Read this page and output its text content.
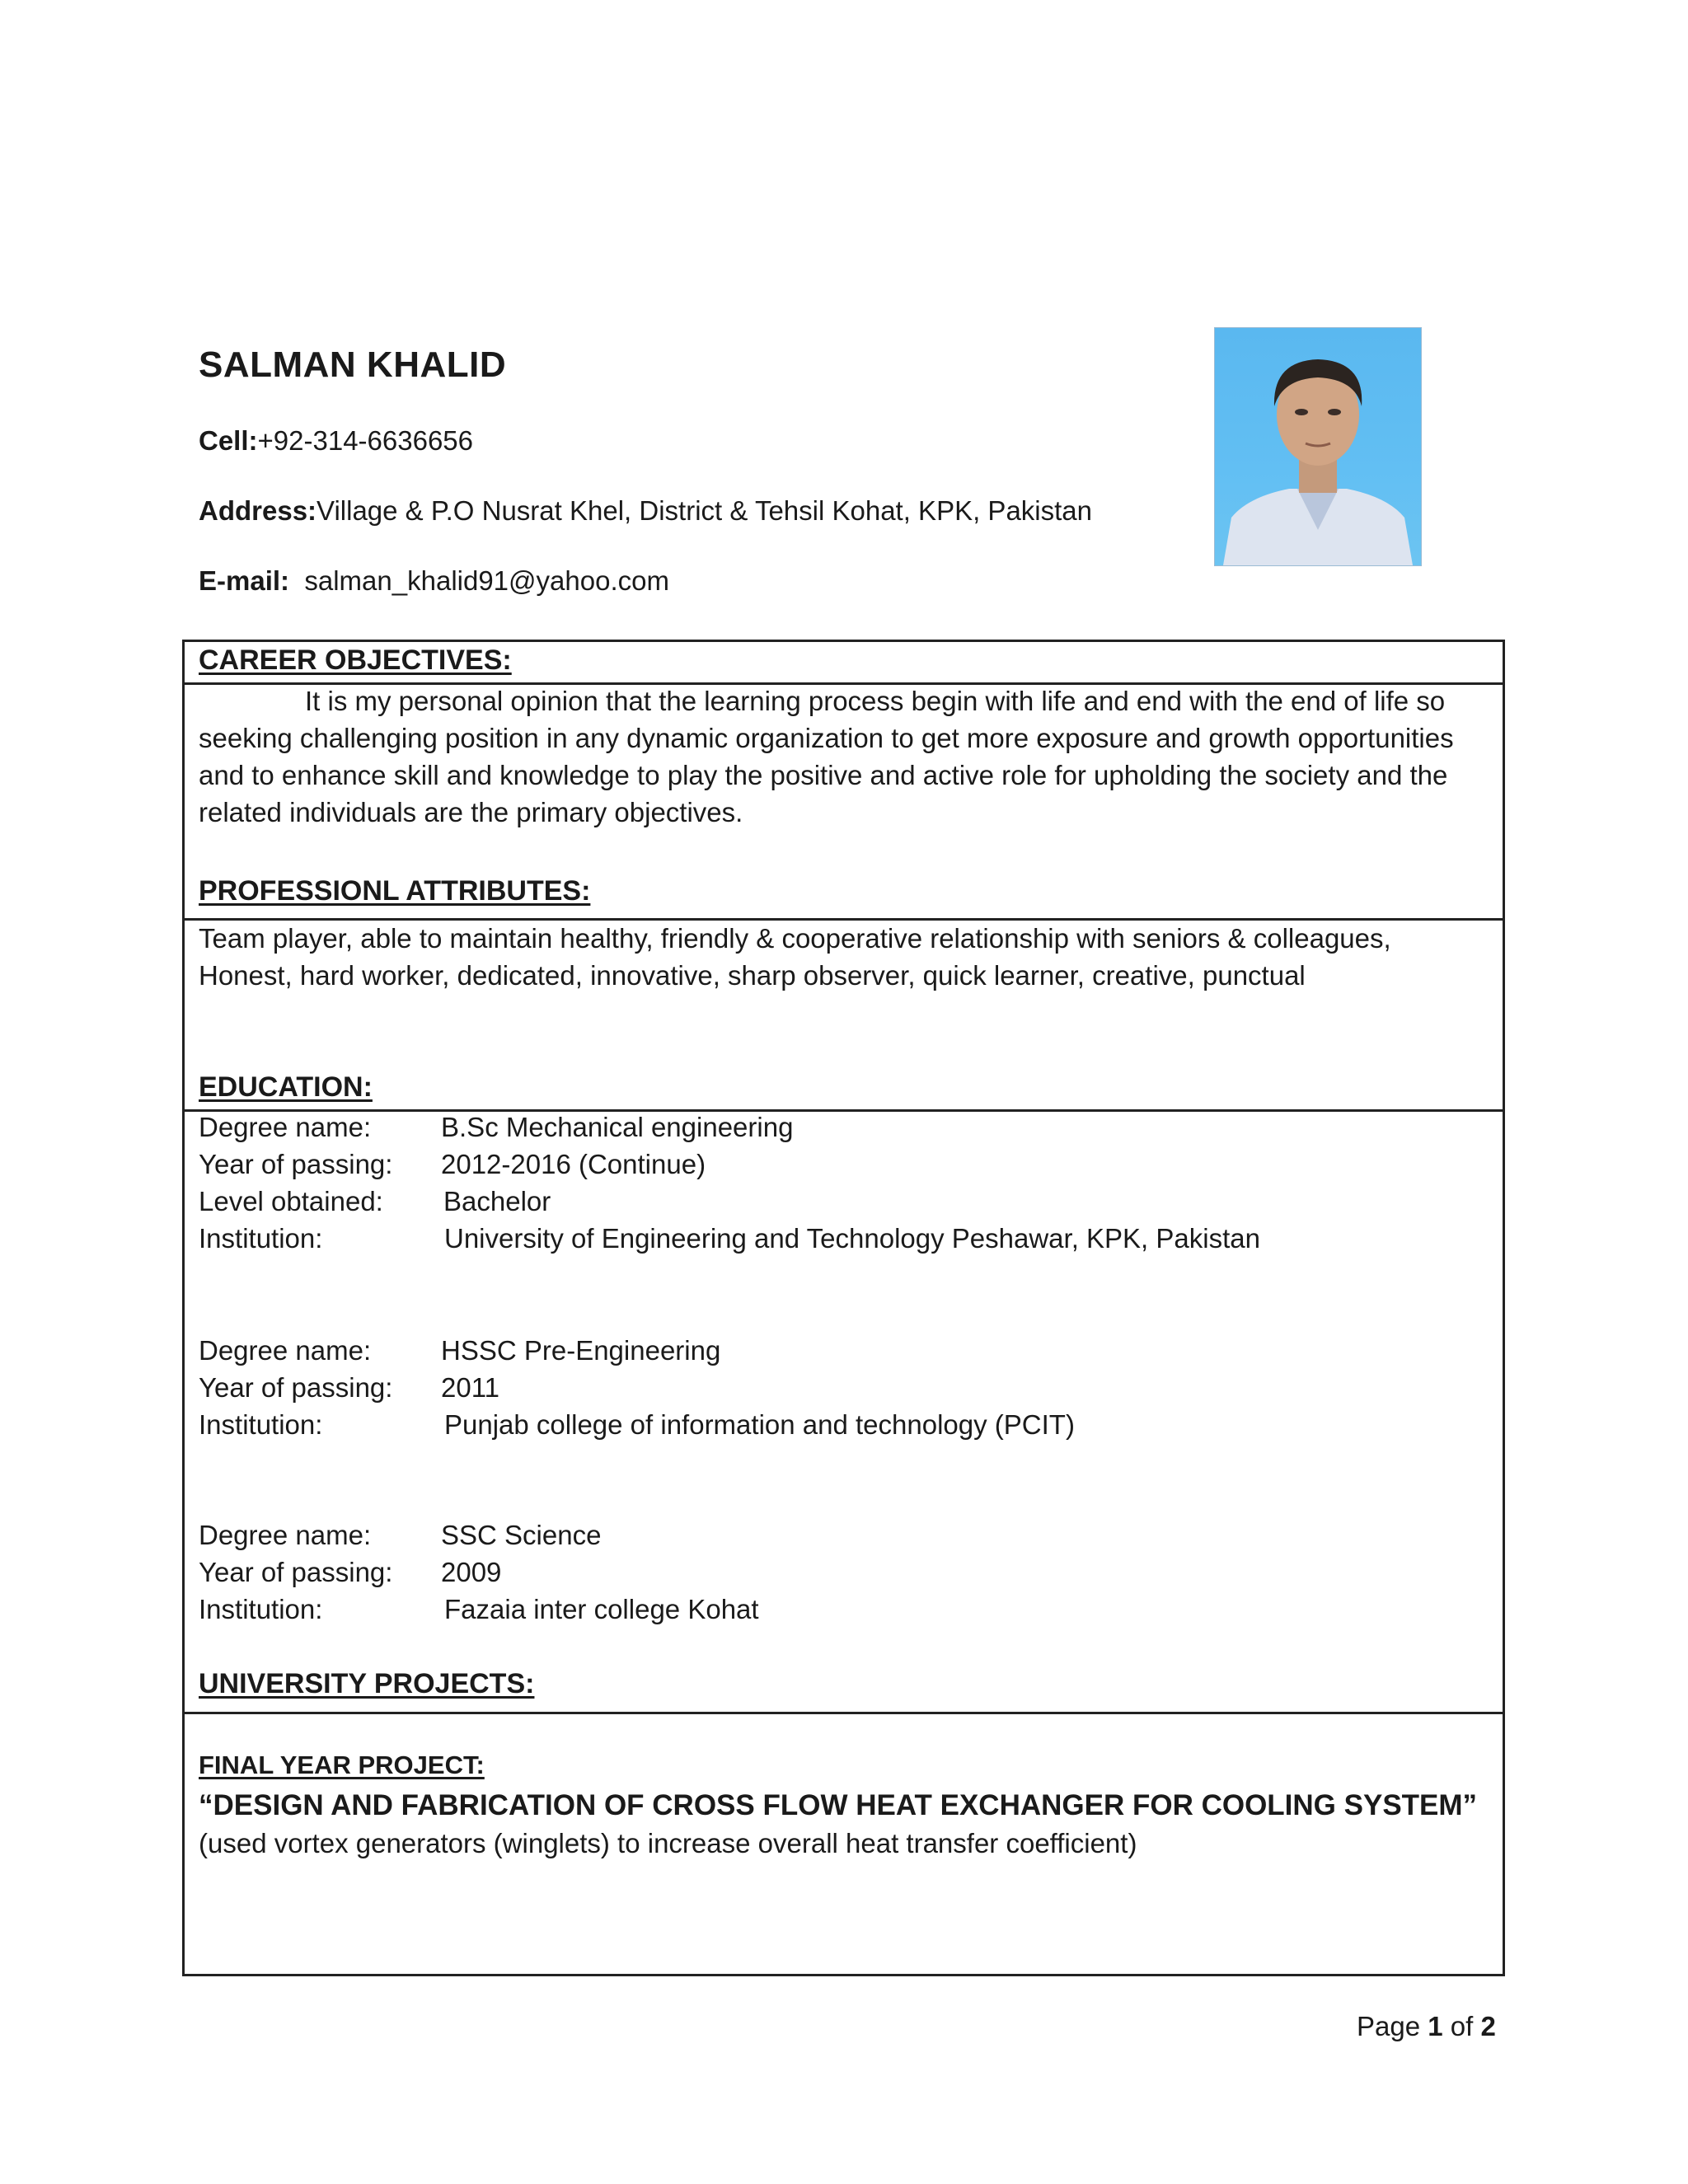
SALMAN KHALID
Cell:+92-314-6636656
Address:Village & P.O Nusrat Khel, District & Tehsil Kohat, KPK, Pakistan
E-mail: salman_khalid91@yahoo.com
CAREER OBJECTIVES:
It is my personal opinion that the learning process begin with life and end with the end of life so seeking challenging position in any dynamic organization to get more exposure and growth opportunities and to enhance skill and knowledge to play the positive and active role for upholding the society and the related individuals are the primary objectives.
PROFESSIONL ATTRIBUTES:
Team player, able to maintain healthy, friendly & cooperative relationship with seniors & colleagues,
Honest, hard worker, dedicated, innovative, sharp observer, quick learner, creative, punctual
EDUCATION:
Degree name:	B.Sc Mechanical engineering
Year of passing: 2012-2016 (Continue)
Level obtained: Bachelor
Institution:	University of Engineering and Technology Peshawar, KPK, Pakistan
Degree name:	HSSC Pre-Engineering
Year of passing: 2011
Institution:	Punjab college of information and technology (PCIT)
Degree name:	SSC Science
Year of passing: 2009
Institution:	Fazaia inter college Kohat
UNIVERSITY PROJECTS:
FINAL YEAR PROJECT:
“DESIGN AND FABRICATION OF CROSS FLOW HEAT EXCHANGER FOR COOLING SYSTEM” (used vortex generators (winglets) to increase overall heat transfer coefficient)
Page 1 of 2
